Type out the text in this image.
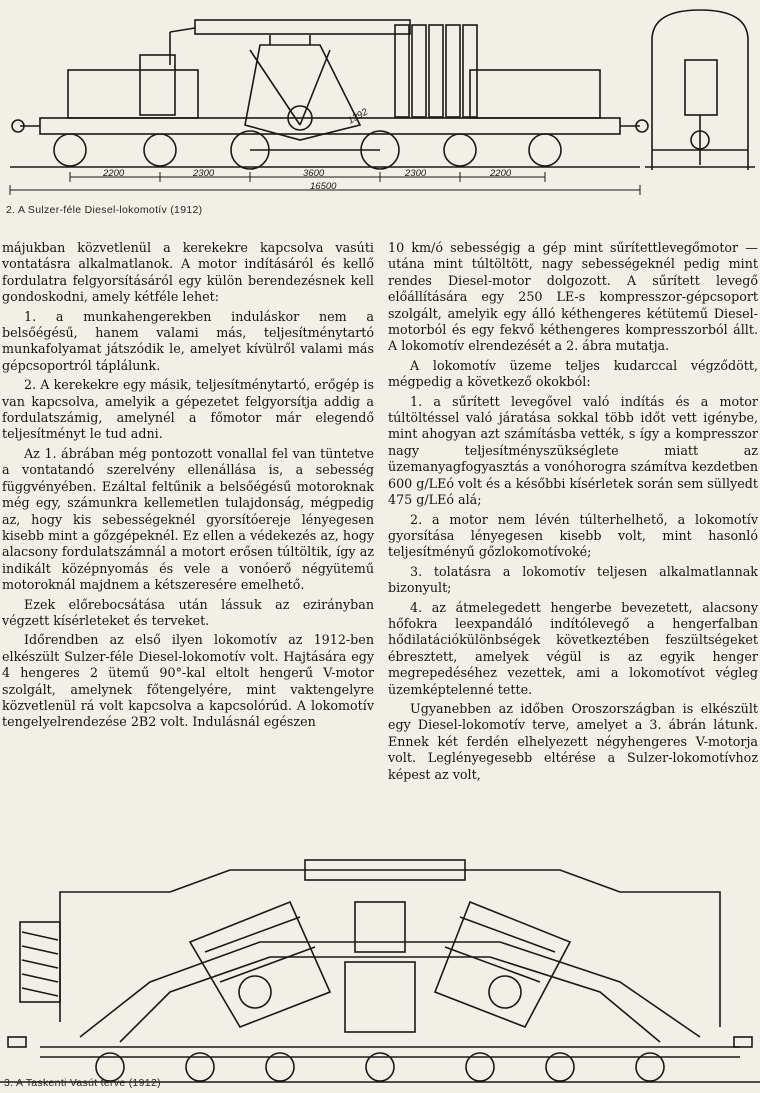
2200	2300	3600	2300	2200
16500
1392
2. A Sulzer-féle Diesel-lokomotív (1912)

májukban közvetlenül a kerekekre kapcsolva vasúti vontatásra alkalmatlanok. A motor indításáról és kellő fordulatra felgyorsításáról egy külön berendezésnek kell gondoskodni, amely kétféle lehet:

1. a munkahengerekben induláskor nem a belsőégésű, hanem valami más, teljesítménytartó munkafolyamat játszódik le, amelyet kívülről valami más gépcsoportról táplálunk.

2. A kerekekre egy másik, teljesítménytartó, erőgép is van kapcsolva, amelyik a gépezetet felgyorsítja addig a fordulatszámig, amelynél a főmotor már elegendő teljesítményt le tud adni.

Az 1. ábrában még pontozott vonallal fel van tüntetve a vontatandó szerelvény ellenállása is, a sebesség függvényében. Ezáltal feltűnik a belsőégésű motoroknak még egy, számunkra kellemetlen tulajdonság, mégpedig az, hogy kis sebességeknél gyorsítóereje lényegesen kisebb mint a gőzgépeknél. Ez ellen a védekezés az, hogy alacsony fordulatszámnál a motort erősen túltöltik, így az indikált középnyomás és vele a vonóerő négyütemű motoroknál majdnem a kétszeresére emelhető.

Ezek előrebocsátása után lássuk az ezirányban végzett kísérleteket és terveket.

Időrendben az első ilyen lokomotív az 1912-ben elkészült Sulzer-féle Diesel-lokomotív volt. Hajtására egy 4 hengeres 2 ütemű 90°-kal eltolt hengerű V-motor szolgált, amelynek főtengelyére, mint vaktengelyre közvetlenül rá volt kapcsolva a kapcsolórúd. A lokomotív tengelyelrendezése 2B2 volt. Indulásnál egészen

10 km/ó sebességig a gép mint sűrítettlevegőmotor — utána mint túltöltött, nagy sebességeknél pedig mint rendes Diesel-motor dolgozott. A sűrített levegő előállítására egy 250 LE-s kompresszor-gépcsoport szolgált, amelyik egy álló kéthengeres kétütemű Diesel-motorból és egy fekvő kéthengeres kompresszorból állt. A lokomotív elrendezését a 2. ábra mutatja.

A lokomotív üzeme teljes kudarccal végződött, mégpedig a következő okokból:

1. a sűrített levegővel való indítás és a motor túltöltéssel való járatása sokkal több időt vett igénybe, mint ahogyan azt számításba vették, s így a kompresszor nagy teljesítményszükséglete miatt az üzemanyagfogyasztás a vonóhorogra számítva kezdetben 600 g/LEó volt és a későbbi kísérletek során sem süllyedt 475 g/LEó alá;

2. a motor nem lévén túlterhelhető, a lokomotív gyorsítása lényegesen kisebb volt, mint hasonló teljesítményű gőzlokomotívoké;

3. tolatásra a lokomotív teljesen alkalmatlannak bizonyult;

4. az átmelegedett hengerbe bevezetett, alacsony hőfokra leexpandáló indítólevegő a hengerfalban hődilatációkülönbségek következtében feszültségeket ébresztett, amelyek végül is az egyik henger megrepedéséhez vezettek, ami a lokomotívot végleg üzemképtelenné tette.

Ugyanebben az időben Oroszországban is elkészült egy Diesel-lokomotív terve, amelyet a 3. ábrán látunk. Ennek két ferdén elhelyezett négyhengeres V-motorja volt. Leglényegesebb eltérése a Sulzer-lokomotívhoz képest az volt,

3. A Taskenti Vasút terve (1912)
